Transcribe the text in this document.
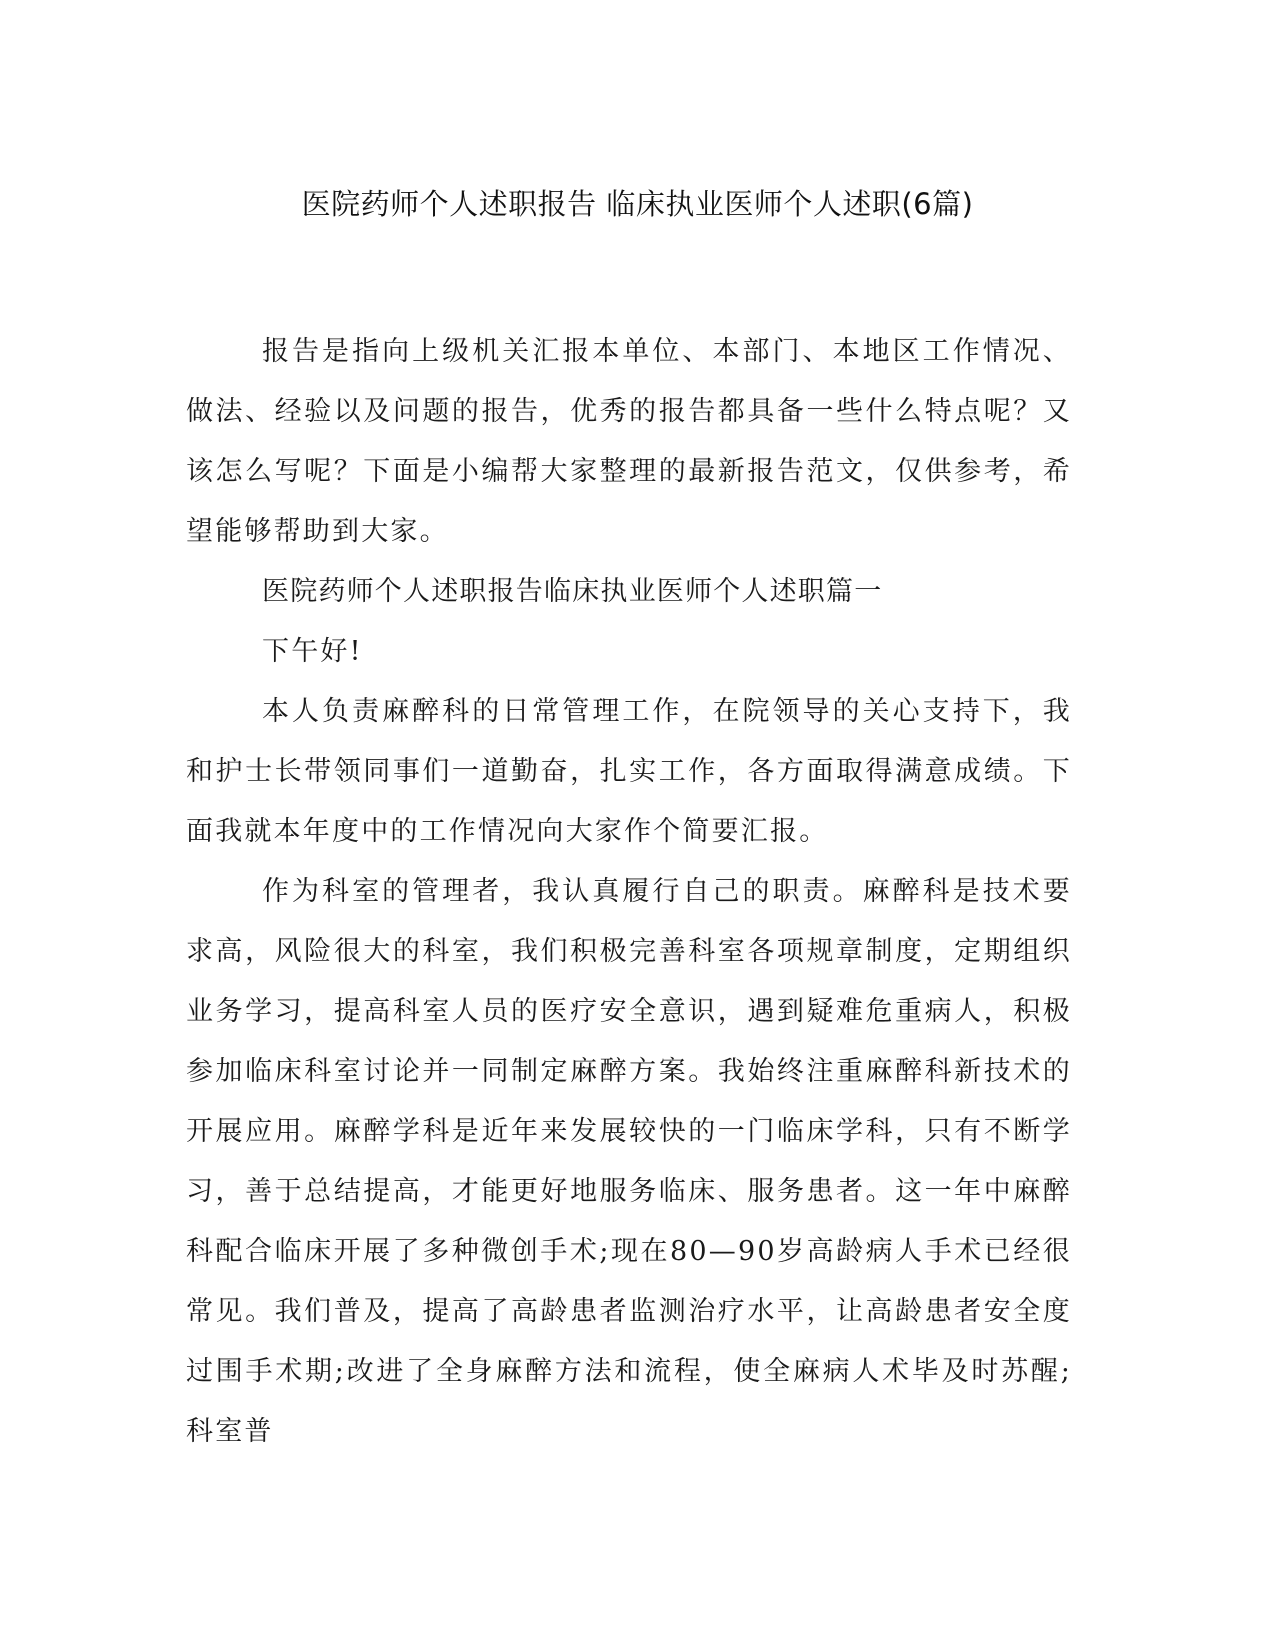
医院药师个人述职报告 临床执业医师个人述职(6篇)

报告是指向上级机关汇报本单位、本部门、本地区工作情况、做法、经验以及问题的报告，优秀的报告都具备一些什么特点呢？又该怎么写呢？下面是小编帮大家整理的最新报告范文，仅供参考，希望能够帮助到大家。

医院药师个人述职报告临床执业医师个人述职篇一

下午好!

本人负责麻醉科的日常管理工作，在院领导的关心支持下，我和护士长带领同事们一道勤奋，扎实工作，各方面取得满意成绩。下面我就本年度中的工作情况向大家作个简要汇报。

作为科室的管理者，我认真履行自己的职责。麻醉科是技术要求高，风险很大的科室，我们积极完善科室各项规章制度，定期组织业务学习，提高科室人员的医疗安全意识，遇到疑难危重病人，积极参加临床科室讨论并一同制定麻醉方案。我始终注重麻醉科新技术的开展应用。麻醉学科是近年来发展较快的一门临床学科，只有不断学习，善于总结提高，才能更好地服务临床、服务患者。这一年中麻醉科配合临床开展了多种微创手术;现在80—90岁高龄病人手术已经很常见。我们普及，提高了高龄患者监测治疗水平，让高龄患者安全度过围手术期;改进了全身麻醉方法和流程，使全麻病人术毕及时苏醒;科室普
